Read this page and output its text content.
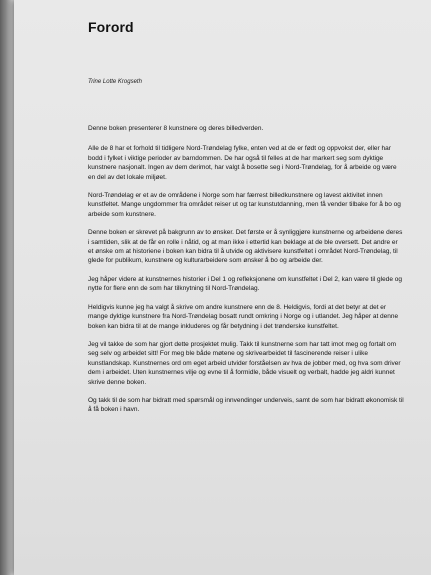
Forord
Trine Lotte Krogseth

Denne boken presenterer 8 kunstnere og deres billedverden.

Alle de 8 har et forhold til tidligere Nord-Trøndelag fylke, enten ved at de er født og oppvokst der, eller har bodd i fylket i viktige perioder av barndommen. De har også til felles at de har markert seg som dyktige kunstnere nasjonalt. Ingen av dem derimot, har valgt å bosette seg i Nord-Trøndelag, for å arbeide og være en del av det lokale miljøet.

Nord-Trøndelag er et av de områdene i Norge som har færrest billedkunstnere og lavest aktivitet innen kunstfeltet. Mange ungdommer fra området reiser ut og tar kunstutdanning, men få vender tilbake for å bo og arbeide som kunstnere.

Denne boken er skrevet på bakgrunn av to ønsker. Det første er å synliggjøre kunstnerne og arbeidene deres i samtiden, slik at de får en rolle i nåtid, og at man ikke i ettertid kan beklage at de ble oversett. Det andre er et ønske om at historiene i boken kan bidra til å utvide og aktivisere kunstfeltet i området Nord-Trøndelag, til glede for publikum, kunstnere og kulturarbeidere som ønsker å bo og arbeide der.

Jeg håper videre at kunstnernes historier i Del 1 og refleksjonene om kunstfeltet i Del 2, kan være til glede og nytte for flere enn de som har tilknytning til Nord-Trøndelag.

Heldigvis kunne jeg ha valgt å skrive om andre kunstnere enn de 8. Heldigvis, fordi at det betyr at det er mange dyktige kunstnere fra Nord-Trøndelag bosatt rundt omkring i Norge og i utlandet. Jeg håper at denne boken kan bidra til at de mange inkluderes og får betydning i det trønderske kunstfeltet.

Jeg vil takke de som har gjort dette prosjektet mulig. Takk til kunstnerne som har tatt imot meg og fortalt om seg selv og arbeidet sitt! For meg ble både møtene og skrivearbeidet til fascinerende reiser i ulike kunstlandskap. Kunstnernes ord om eget arbeid utvider forståelsen av hva de jobber med, og hva som driver dem i arbeidet. Uten kunstnernes vilje og evne til å formidle, både visuelt og verbalt, hadde jeg aldri kunnet skrive denne boken.

Og takk til de som har bidratt med spørsmål og innvendinger underveis, samt de som har bidratt økonomisk til å få boken i havn.
